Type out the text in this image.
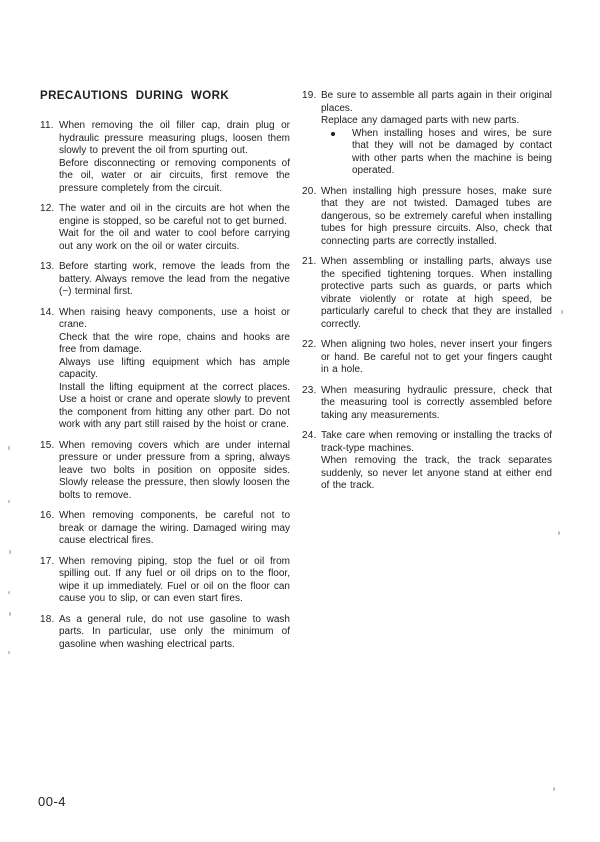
PRECAUTIONS DURING WORK
11. When removing the oil filler cap, drain plug or hydraulic pressure measuring plugs, loosen them slowly to prevent the oil from spurting out.

Before disconnecting or removing components of the oil, water or air circuits, first remove the pressure completely from the circuit.

12. The water and oil in the circuits are hot when the engine is stopped, so be careful not to get burned.

Wait for the oil and water to cool before carrying out any work on the oil or water circuits.

13. Before starting work, remove the leads from the battery. Always remove the lead from the negative (−) terminal first.

14. When raising heavy components, use a hoist or crane.

Check that the wire rope, chains and hooks are free from damage.

Always use lifting equipment which has ample capacity.

Install the lifting equipment at the correct places. Use a hoist or crane and operate slowly to prevent the component from hitting any other part. Do not work with any part still raised by the hoist or crane.

15. When removing covers which are under internal pressure or under pressure from a spring, always leave two bolts in position on opposite sides. Slowly release the pressure, then slowly loosen the bolts to remove.

16. When removing components, be careful not to break or damage the wiring. Damaged wiring may cause electrical fires.

17. When removing piping, stop the fuel or oil from spilling out. If any fuel or oil drips on to the floor, wipe it up immediately. Fuel or oil on the floor can cause you to slip, or can even start fires.

18. As a general rule, do not use gasoline to wash parts. In particular, use only the minimum of gasoline when washing electrical parts.

19. Be sure to assemble all parts again in their original places.

Replace any damaged parts with new parts.

When installing hoses and wires, be sure that they will not be damaged by contact with other parts when the machine is being operated.

20. When installing high pressure hoses, make sure that they are not twisted. Damaged tubes are dangerous, so be extremely careful when installing tubes for high pressure circuits. Also, check that connecting parts are correctly installed.

21. When assembling or installing parts, always use the specified tightening torques. When installing protective parts such as guards, or parts which vibrate violently or rotate at high speed, be particularly careful to check that they are installed correctly.

22. When aligning two holes, never insert your fingers or hand. Be careful not to get your fingers caught in a hole.

23. When measuring hydraulic pressure, check that the measuring tool is correctly assembled before taking any measurements.

24. Take care when removing or installing the tracks of track-type machines.

When removing the track, the track separates suddenly, so never let anyone stand at either end of the track.

00-4
